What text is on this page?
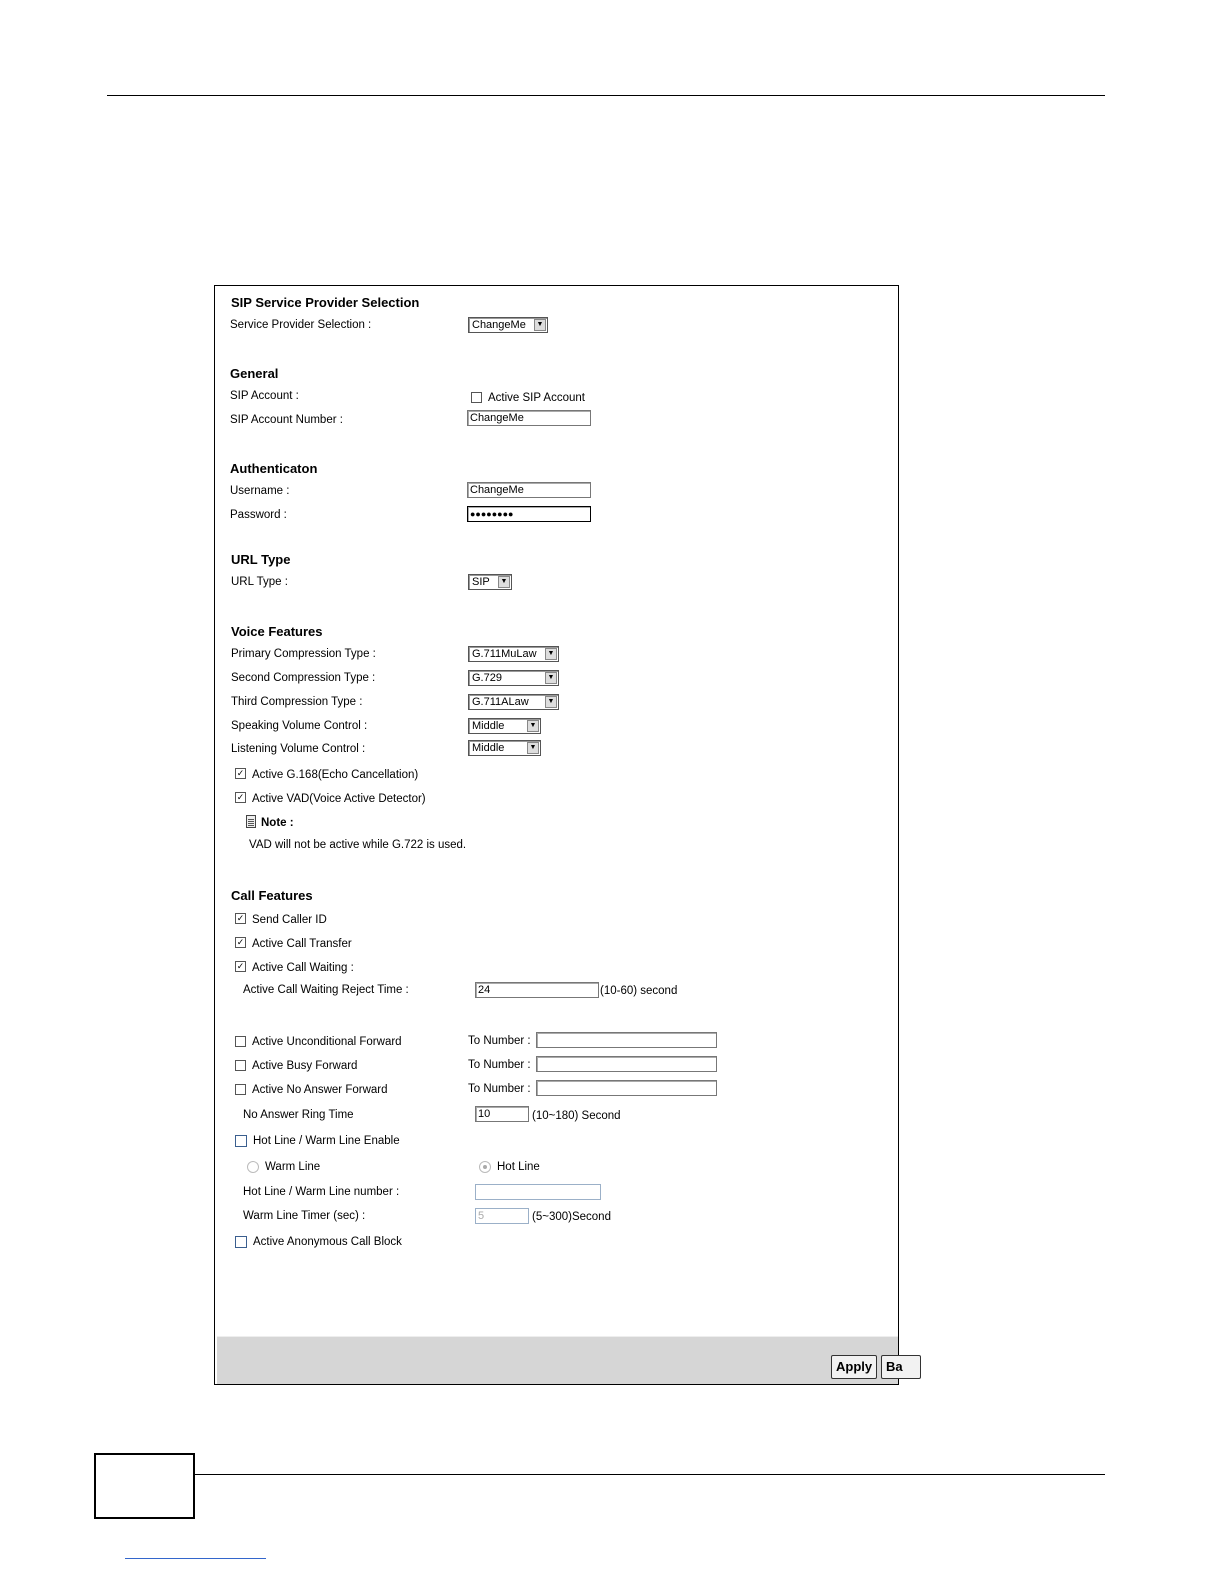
SIP Service Provider Selection
Service Provider Selection :	ChangeMe	▼
General
SIP Account :	Active SIP Account
SIP Account Number :	ChangeMe
Authenticaton
Username :	ChangeMe
Password :	●●●●●●●●
URL Type
URL Type :	SIP	▼
Voice Features
Primary Compression Type :	G.711MuLaw	▼
Second Compression Type :	G.729	▼
Third Compression Type :	G.711ALaw	▼
Speaking Volume Control :	Middle	▼
Listening Volume Control :	Middle	▼
✓ Active G.168(Echo Cancellation)
✓ Active VAD(Voice Active Detector)
Note :
VAD will not be active while G.722 is used.
Call Features
✓ Send Caller ID
✓ Active Call Transfer
✓ Active Call Waiting :
Active Call Waiting Reject Time :	24	(10-60) second
Active Unconditional Forward	To Number :
Active Busy Forward	To Number :
Active No Answer Forward	To Number :
No Answer Ring Time	10	(10~180) Second
Hot Line / Warm Line Enable
Warm Line	Hot Line
Hot Line / Warm Line number :
Warm Line Timer (sec) :	5	(5~300)Second
Active Anonymous Call Block
Apply	Ba
